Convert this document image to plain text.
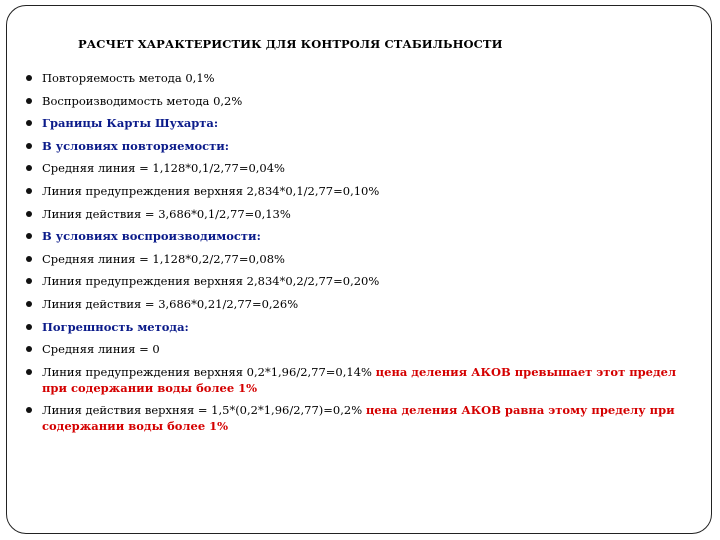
РАСЧЕТ ХАРАКТЕРИСТИК ДЛЯ КОНТРОЛЯ СТАБИЛЬНОСТИ
Повторяемость метода 0,1%
Воспроизводимость метода 0,2%
Границы Карты Шухарта:
В условиях повторяемости:
Средняя линия = 1,128*0,1/2,77=0,04%
Линия предупреждения верхняя 2,834*0,1/2,77=0,10%
Линия действия = 3,686*0,1/2,77=0,13%
В условиях воспроизводимости:
Средняя линия = 1,128*0,2/2,77=0,08%
Линия предупреждения верхняя 2,834*0,2/2,77=0,20%
Линия действия = 3,686*0,21/2,77=0,26%
Погрешность метода:
Средняя линия = 0
Линия предупреждения верхняя 0,2*1,96/2,77=0,14% цена деления АКОВ превышает этот предел при содержании воды более 1%
Линия действия верхняя = 1,5*(0,2*1,96/2,77)=0,2% цена деления АКОВ равна этому пределу при содержании воды более 1%
